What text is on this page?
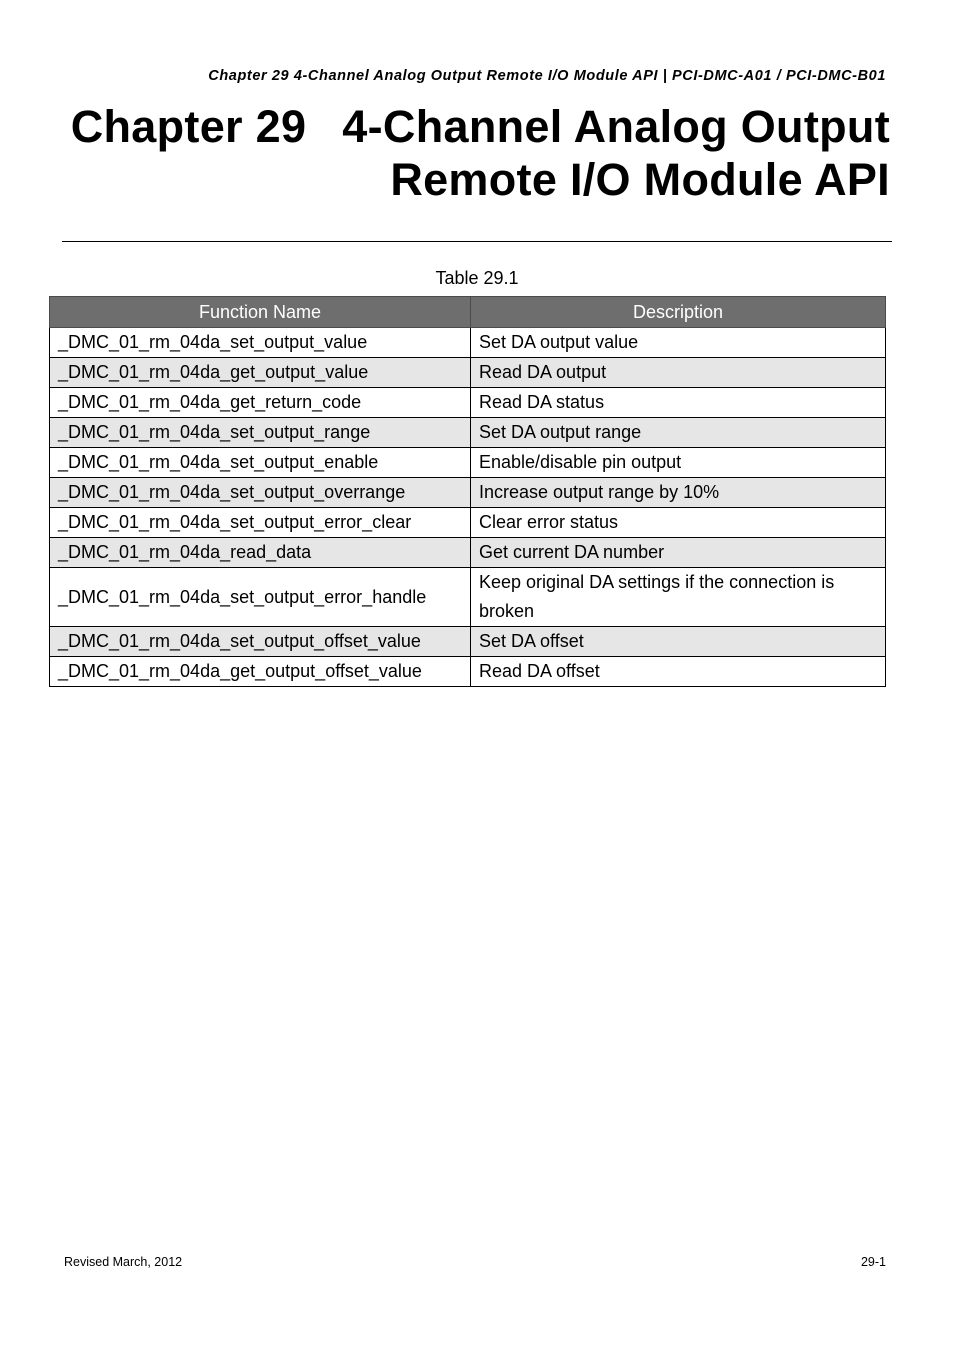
Chapter 29 4-Channel Analog Output Remote I/O Module API | PCI-DMC-A01 / PCI-DMC-B01
Chapter 29 4-Channel Analog Output
Remote I/O Module API
Table 29.1
Function Name	Description
_DMC_01_rm_04da_set_output_value	Set DA output value
_DMC_01_rm_04da_get_output_value	Read DA output
_DMC_01_rm_04da_get_return_code	Read DA status
_DMC_01_rm_04da_set_output_range	Set DA output range
_DMC_01_rm_04da_set_output_enable	Enable/disable pin output
_DMC_01_rm_04da_set_output_overrange	Increase output range by 10%
_DMC_01_rm_04da_set_output_error_clear	Clear error status
_DMC_01_rm_04da_read_data	Get current DA number
_DMC_01_rm_04da_set_output_error_handle	Keep original DA settings if the connection is broken
_DMC_01_rm_04da_set_output_offset_value	Set DA offset
_DMC_01_rm_04da_get_output_offset_value	Read DA offset
Revised March, 2012	29-1
